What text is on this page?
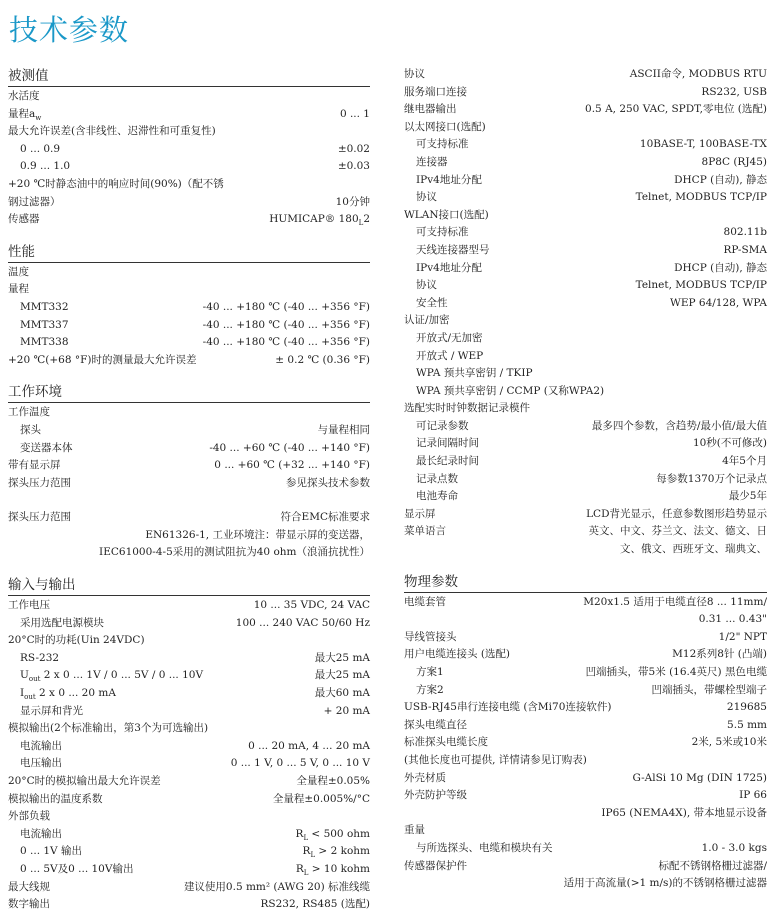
技术参数
被测值
水活度
量程$a_w$	0 ... 1
最大允许误差(含非线性、迟滞性和可重复性)
0 ... 0.9	±0.02
0.9 ... 1.0	±0.03
+20 ℃时静态油中的响应时间(90%)（配不锈
钢过滤器）	10分钟
传感器	HUMICAP® $180_L2$
性能
温度
量程
MMT332	-40 ... +180 ℃ (-40 ... +356 °F)
MMT337	-40 ... +180 ℃ (-40 ... +356 °F)
MMT338	-40 ... +180 ℃ (-40 ... +356 °F)
+20 ℃(+68 °F)时的测量最大允许误差	± 0.2 ℃ (0.36 °F)
工作环境
工作温度
探头	与量程相同
变送器本体	-40 ... +60 ℃ (-40 ... +140 °F)
带有显示屏	0 ... +60 ℃ (+32 ... +140 °F)
探头压力范围	参见探头技术参数
探头压力范围	符合EMC标准要求
EN61326-1, 工业环境注：带显示屏的变送器，
IEC61000-4-5采用的测试阻抗为40 ohm（浪涌抗扰性）
输入与输出
工作电压	10 ... 35 VDC, 24 VAC
采用选配电源模块	100 ... 240 VAC 50/60 Hz
20°C时的功耗(Uin 24VDC)
RS-232	最大25 mA
$U_{out}$ 2 x 0 ... 1V / 0 ... 5V / 0 ... 10V	最大25 mA
$I_{out}$ 2 x 0 ... 20 mA	最大60 mA
显示屏和背光	+ 20 mA
模拟输出(2个标准输出，第3个为可选输出)
电流输出	0 ... 20 mA, 4 ... 20 mA
电压输出	0 ... 1 V, 0 ... 5 V, 0 ... 10 V
20°C时的模拟输出最大允许误差	全量程±0.05%
模拟输出的温度系数	全量程±0.005%/°C
外部负载
电流输出	$R_L < 500$ ohm
0 ... 1V 输出	$R_L > 2$ kohm
0 ... 5V及0 ... 10V输出	$R_L > 10$ kohm
最大线规	建议使用0.5 mm² (AWG 20) 标准线缆
数字输出	RS232, RS485 (选配)
协议	ASCII命令, MODBUS RTU
服务端口连接	RS232, USB
继电器输出	0.5 A, 250 VAC, SPDT,零电位 (选配)
以太网接口(选配)
可支持标准	10BASE-T, 100BASE-TX
连接器	8P8C (RJ45)
IPv4地址分配	DHCP (自动), 静态
协议	Telnet, MODBUS TCP/IP
WLAN接口(选配)
可支持标准	802.11b
天线连接器型号	RP-SMA
IPv4地址分配	DHCP (自动), 静态
协议	Telnet, MODBUS TCP/IP
安全性	WEP 64/128, WPA
认证/加密
开放式/无加密
开放式 / WEP
WPA 预共享密钥 / TKIP
WPA 预共享密钥 / CCMP (又称WPA2)
选配实时时钟数据记录模件
可记录参数	最多四个参数，含趋势/最小值/最大值
记录间隔时间	10秒(不可修改)
最长纪录时间	4年5个月
记录点数	每参数1370万个记录点
电池寿命	最少5年
显示屏	LCD背光显示，任意参数图形趋势显示
菜单语言	英文、中文、芬兰文、法文、德文、日
文、俄文、西班牙文、瑞典文、
物理参数
电缆套管	M20x1.5 适用于电缆直径8 ... 11mm/
0.31 ... 0.43"
导线管接头	1/2" NPT
用户电缆连接头 (选配)	M12系列8针 (凸端)
方案1	凹端插头，带5米 (16.4英尺) 黑色电缆
方案2	凹端插头，带螺栓型端子
USB-RJ45串行连接电缆 (含Mi70连接软件)	219685
探头电缆直径	5.5 mm
标准探头电缆长度	2米, 5米或10米
(其他长度也可提供, 详情请参见订购表)
外壳材质	G-AlSi 10 Mg (DIN 1725)
外壳防护等级	IP 66
IP65 (NEMA4X), 带本地显示设备
重量
与所选探头、电缆和模块有关	1.0 - 3.0 kgs
传感器保护件	标配不锈钢格栅过滤器/
适用于高流量(>1 m/s)的不锈钢格栅过滤器
